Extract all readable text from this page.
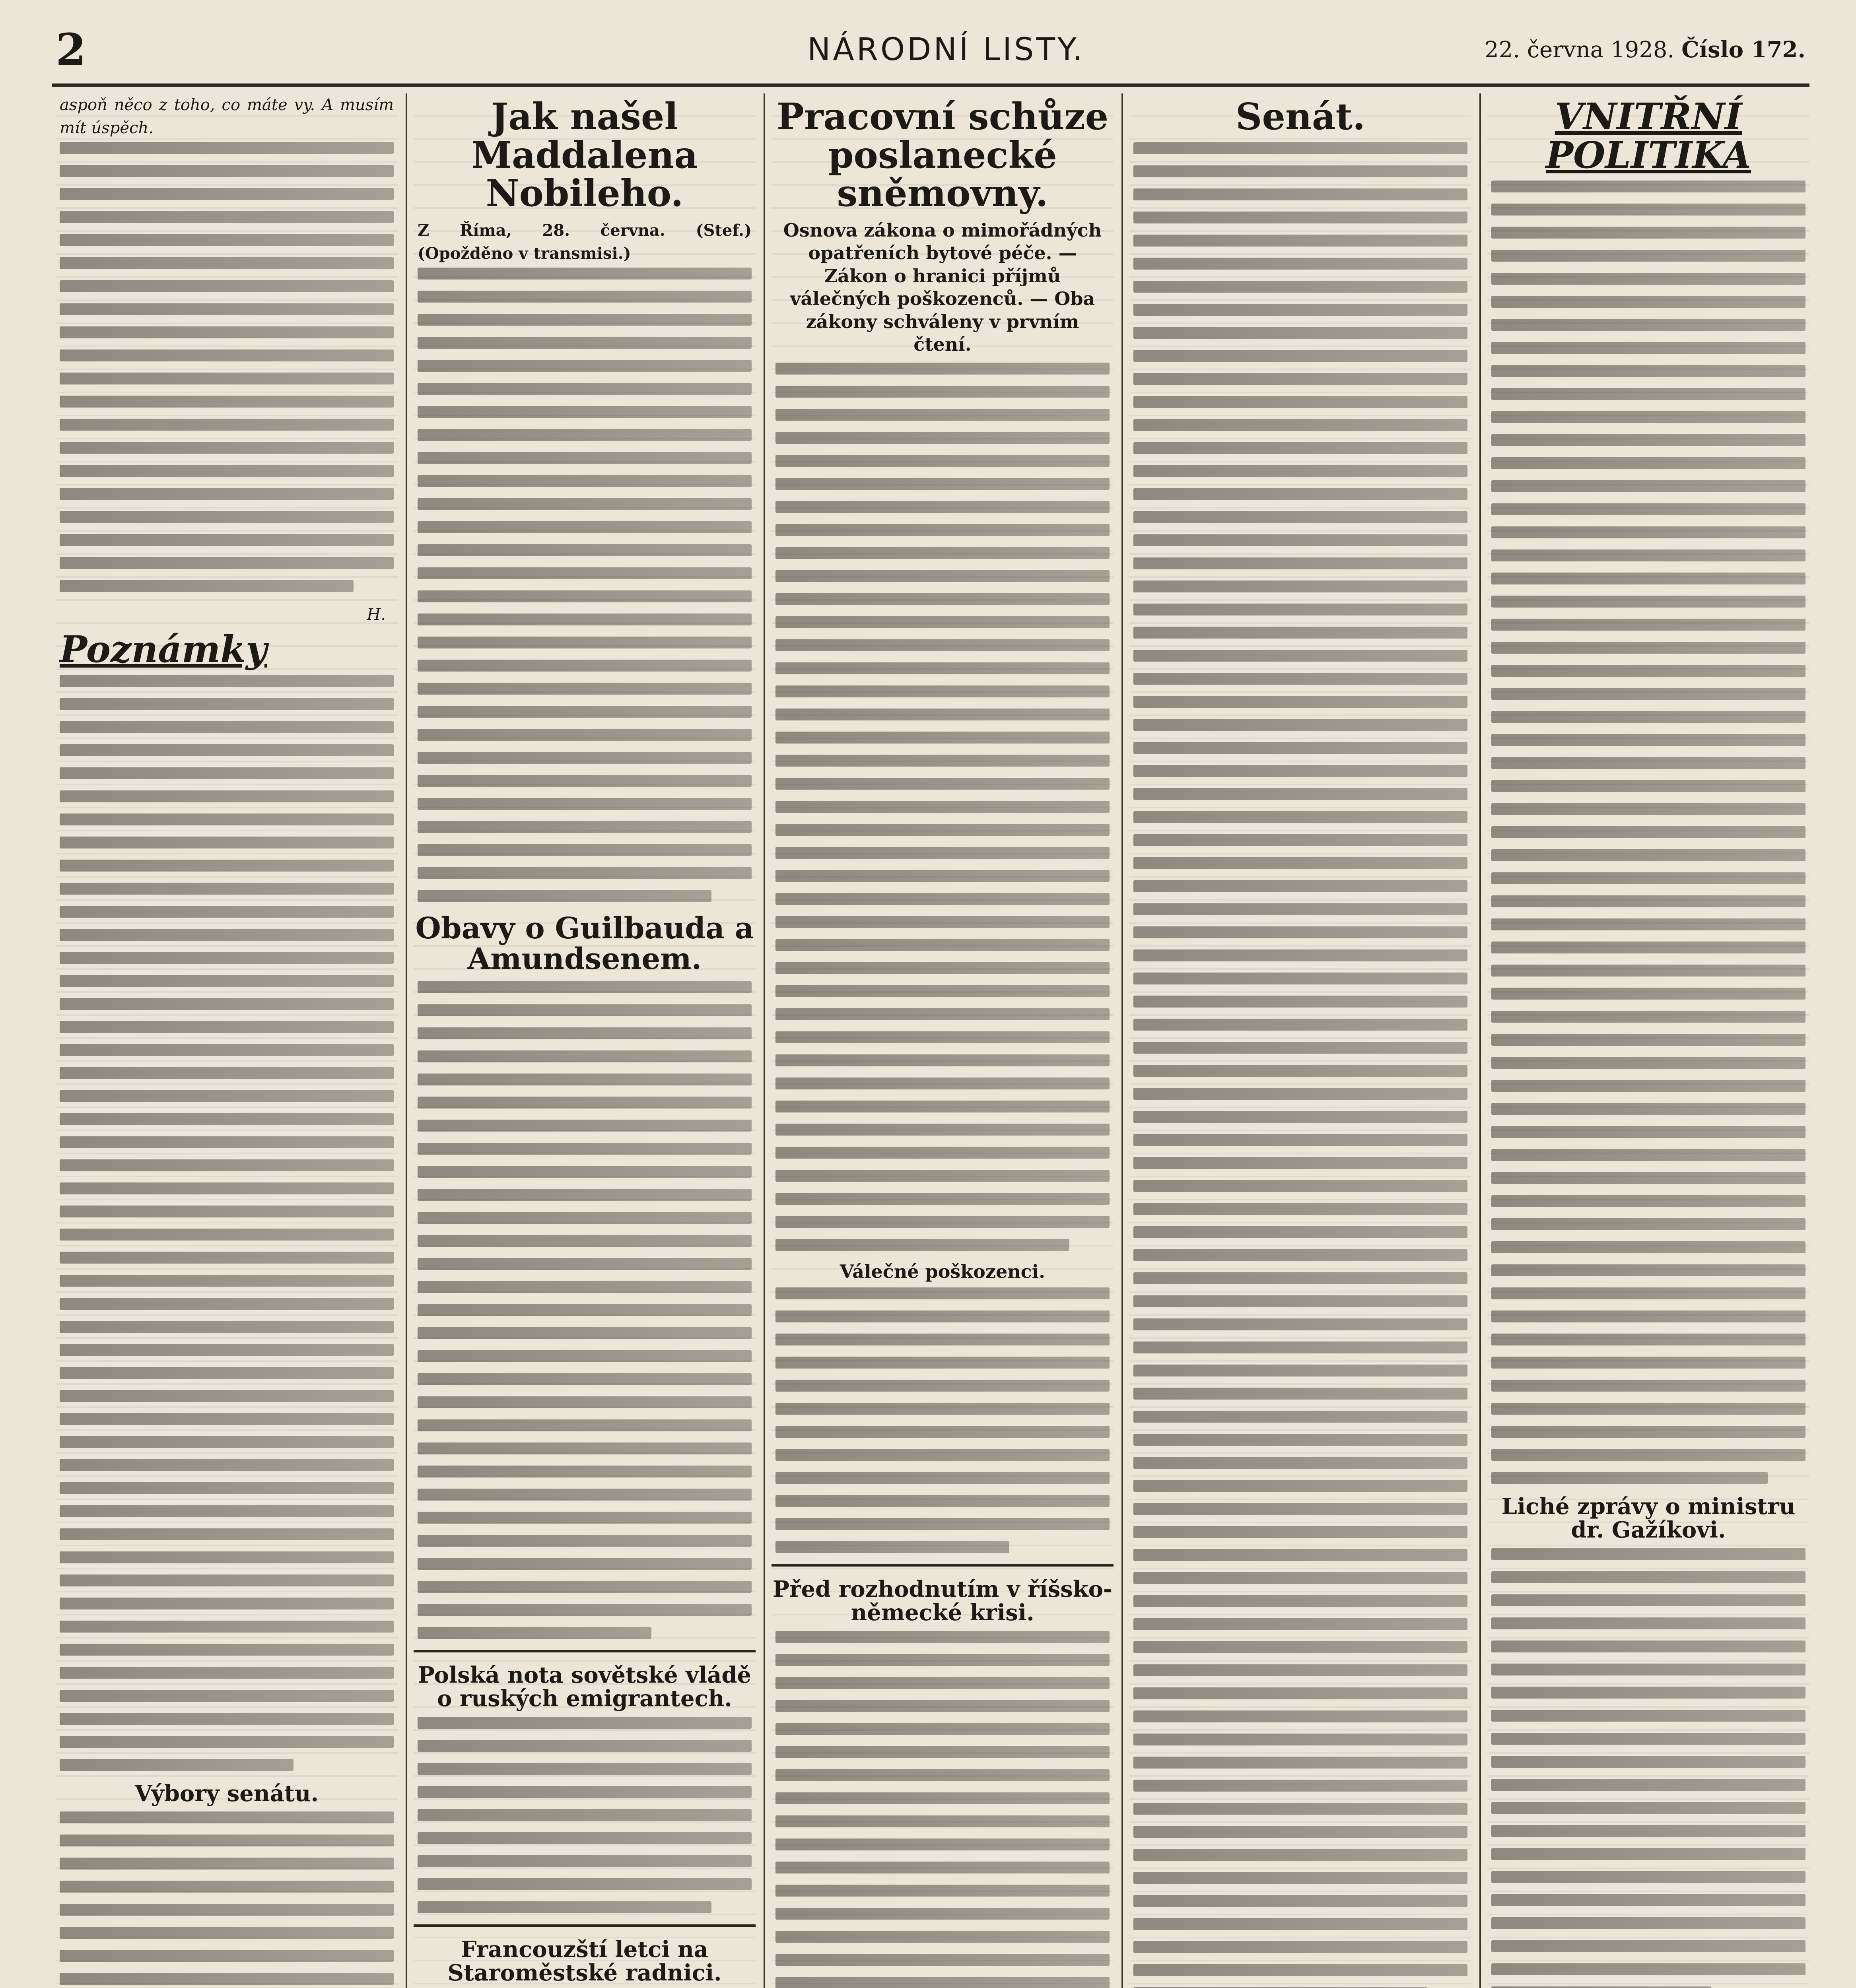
2	NÁRODNÍ LISTY.	22. června 1928. Číslo 172.
aspoň něco z toho, co máte vy. A musím mít úspěch.
H.
Poznámky
Výbory senátu.
Jak našel Maddalena Nobileho.
Z Říma, 28. června. (Stef.) (Opožděno v transmisi.)
Obavy o Guilbauda a Amundsenem.
Polská nota sovětské vládě o ruských emigrantech.
Francouzští letci na Staroměstské radnici.
Pracovní schůze poslanecké sněmovny.
Osnova zákona o mimořádných opatřeních bytové péče. — Zákon o hranici příjmů válečných poškozenců. — Oba zákony schváleny v prvním čtení.
Válečné poškozenci.
Před rozhodnutím v říšsko-německé krisi.
Senát.	VNITŘNÍ POLITIKA
Liché zprávy o ministru dr. Gažíkovi.
